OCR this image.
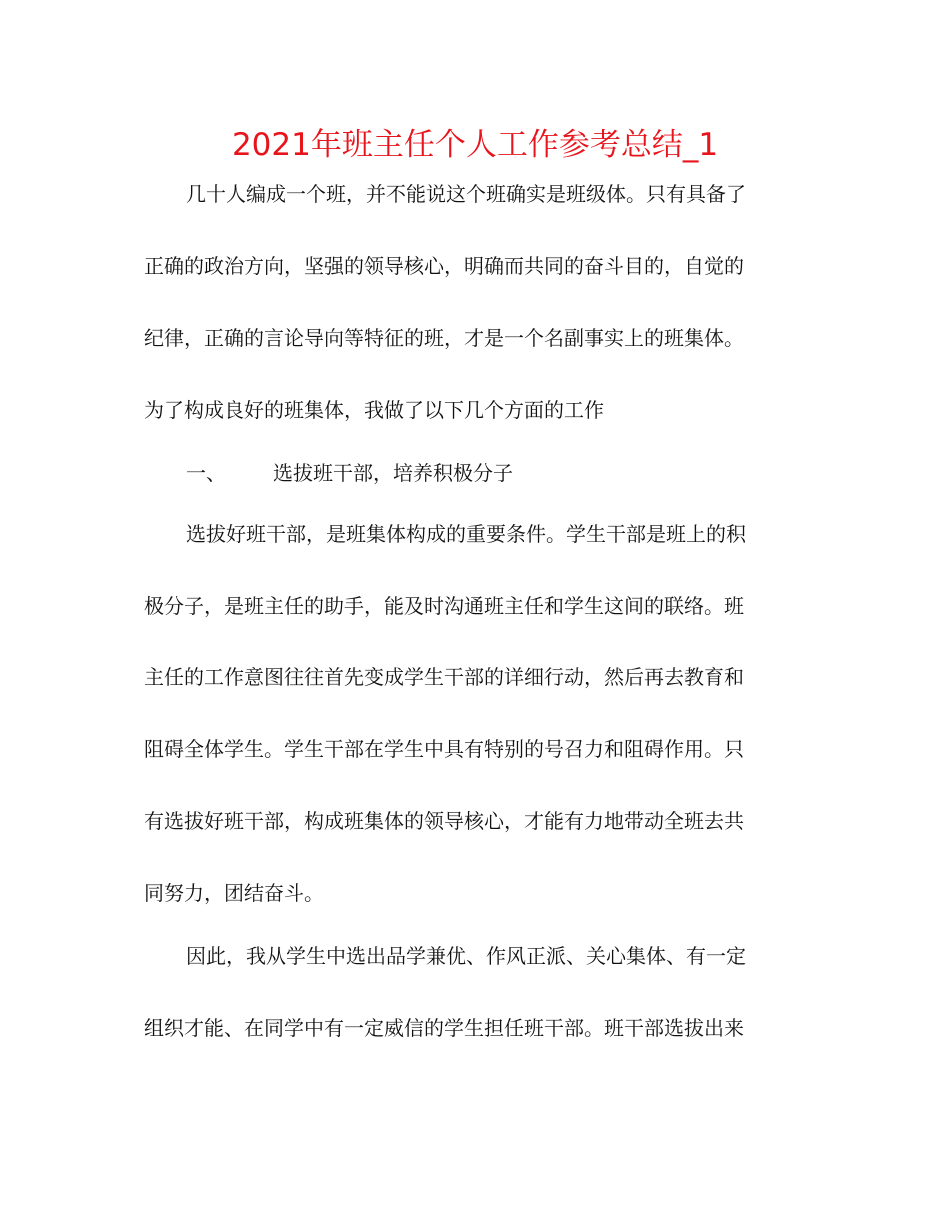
2021年班主任个人工作参考总结_1
几十人编成一个班，并不能说这个班确实是班级体。只有具备了
正确的政治方向，坚强的领导核心，明确而共同的奋斗目的，自觉的
纪律，正确的言论导向等特征的班，才是一个名副事实上的班集体。
为了构成良好的班集体，我做了以下几个方面的工作
一、 选拔班干部，培养积极分子
选拔好班干部，是班集体构成的重要条件。学生干部是班上的积
极分子，是班主任的助手，能及时沟通班主任和学生这间的联络。班
主任的工作意图往往首先变成学生干部的详细行动，然后再去教育和
阻碍全体学生。学生干部在学生中具有特别的号召力和阻碍作用。只
有选拔好班干部，构成班集体的领导核心，才能有力地带动全班去共
同努力，团结奋斗。
因此，我从学生中选出品学兼优、作风正派、关心集体、有一定
组织才能、在同学中有一定威信的学生担任班干部。班干部选拔出来
